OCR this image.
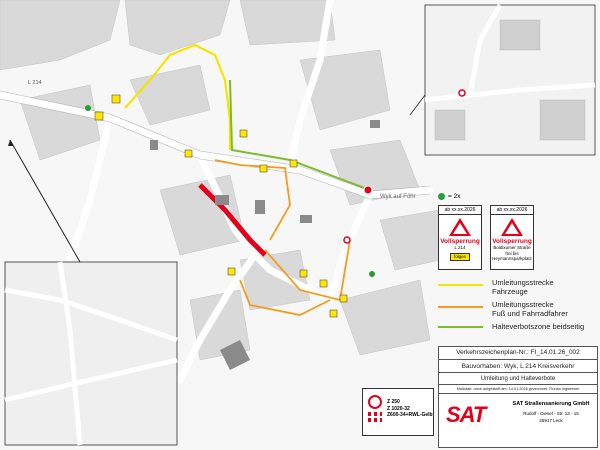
Wyk auf Föhr
L 214
= 2x
ab xx.xx.2026
Vollsperrung
L 214
folgen
ab xx.xx.2026
Vollsperrung
Boldixumer Straße
frei bis
Heymannsparkplatz
Umleitungsstrecke
Fahrzeuge
Umleitungsstrecke
Fuß und Fahrradfahrer
Halteverbotszone beidseitig
Z 250
Z 1020-32
Z600-34+RWL-Gelb
Verkehrszeichenplan-Nr.: FI_14.01.26_002
Bauvorhaben: Wyk, L 214 Kreisverkehr
Umleitung und Halteverbote
Maßstab: ohne aufgestellt am: 14.01.2026 gezeichnet: Florian Ingwersen
SAT	SAT Straßensanierung GmbH
Rudolf - Diesel - Str. 13 - 15
25917 Leck
